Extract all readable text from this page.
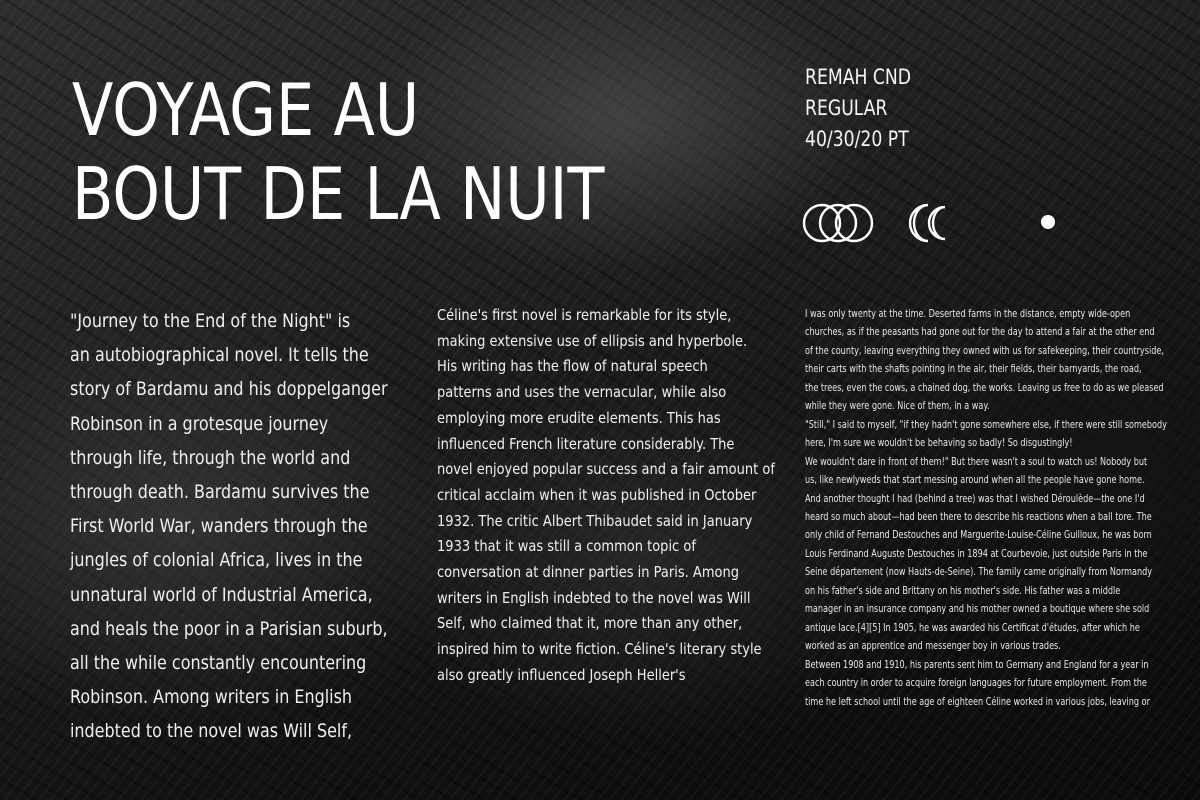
VOYAGE AU
BOUT DE LA NUIT
REMAH CND
REGULAR
40/30/20 PT

"Journey to the End of the Night" is
an autobiographical novel. It tells the
story of Bardamu and his doppelganger
Robinson in a grotesque journey
through life, through the world and
through death. Bardamu survives the
First World War, wanders through the
jungles of colonial Africa, lives in the
unnatural world of Industrial America,
and heals the poor in a Parisian suburb,
all the while constantly encountering
Robinson. Among writers in English
indebted to the novel was Will Self,

Céline's first novel is remarkable for its style,
making extensive use of ellipsis and hyperbole.
His writing has the flow of natural speech
patterns and uses the vernacular, while also
employing more erudite elements. This has
influenced French literature considerably. The
novel enjoyed popular success and a fair amount of
critical acclaim when it was published in October
1932. The critic Albert Thibaudet said in January
1933 that it was still a common topic of
conversation at dinner parties in Paris. Among
writers in English indebted to the novel was Will
Self, who claimed that it, more than any other,
inspired him to write fiction. Céline's literary style
also greatly influenced Joseph Heller's

I was only twenty at the time. Deserted farms in the distance, empty wide-open
churches, as if the peasants had gone out for the day to attend a fair at the other end
of the county, leaving everything they owned with us for safekeeping, their countryside,
their carts with the shafts pointing in the air, their fields, their barnyards, the road,
the trees, even the cows, a chained dog, the works. Leaving us free to do as we pleased
while they were gone. Nice of them, in a way.
"Still," I said to myself, "if they hadn't gone somewhere else, if there were still somebody
here, I'm sure we wouldn't be behaving so badly! So disgustingly!
We wouldn't dare in front of them!" But there wasn't a soul to watch us! Nobody but
us, like newlyweds that start messing around when all the people have gone home.
And another thought I had (behind a tree) was that I wished Déroulède—the one I'd
heard so much about—had been there to describe his reactions when a ball tore. The
only child of Fernand Destouches and Marguerite-Louise-Céline Guilloux, he was born
Louis Ferdinand Auguste Destouches in 1894 at Courbevoie, just outside Paris in the
Seine département (now Hauts-de-Seine). The family came originally from Normandy
on his father's side and Brittany on his mother's side. His father was a middle
manager in an insurance company and his mother owned a boutique where she sold
antique lace.[4][5] In 1905, he was awarded his Certificat d'études, after which he
worked as an apprentice and messenger boy in various trades.
Between 1908 and 1910, his parents sent him to Germany and England for a year in
each country in order to acquire foreign languages for future employment. From the
time he left school until the age of eighteen Céline worked in various jobs, leaving or
